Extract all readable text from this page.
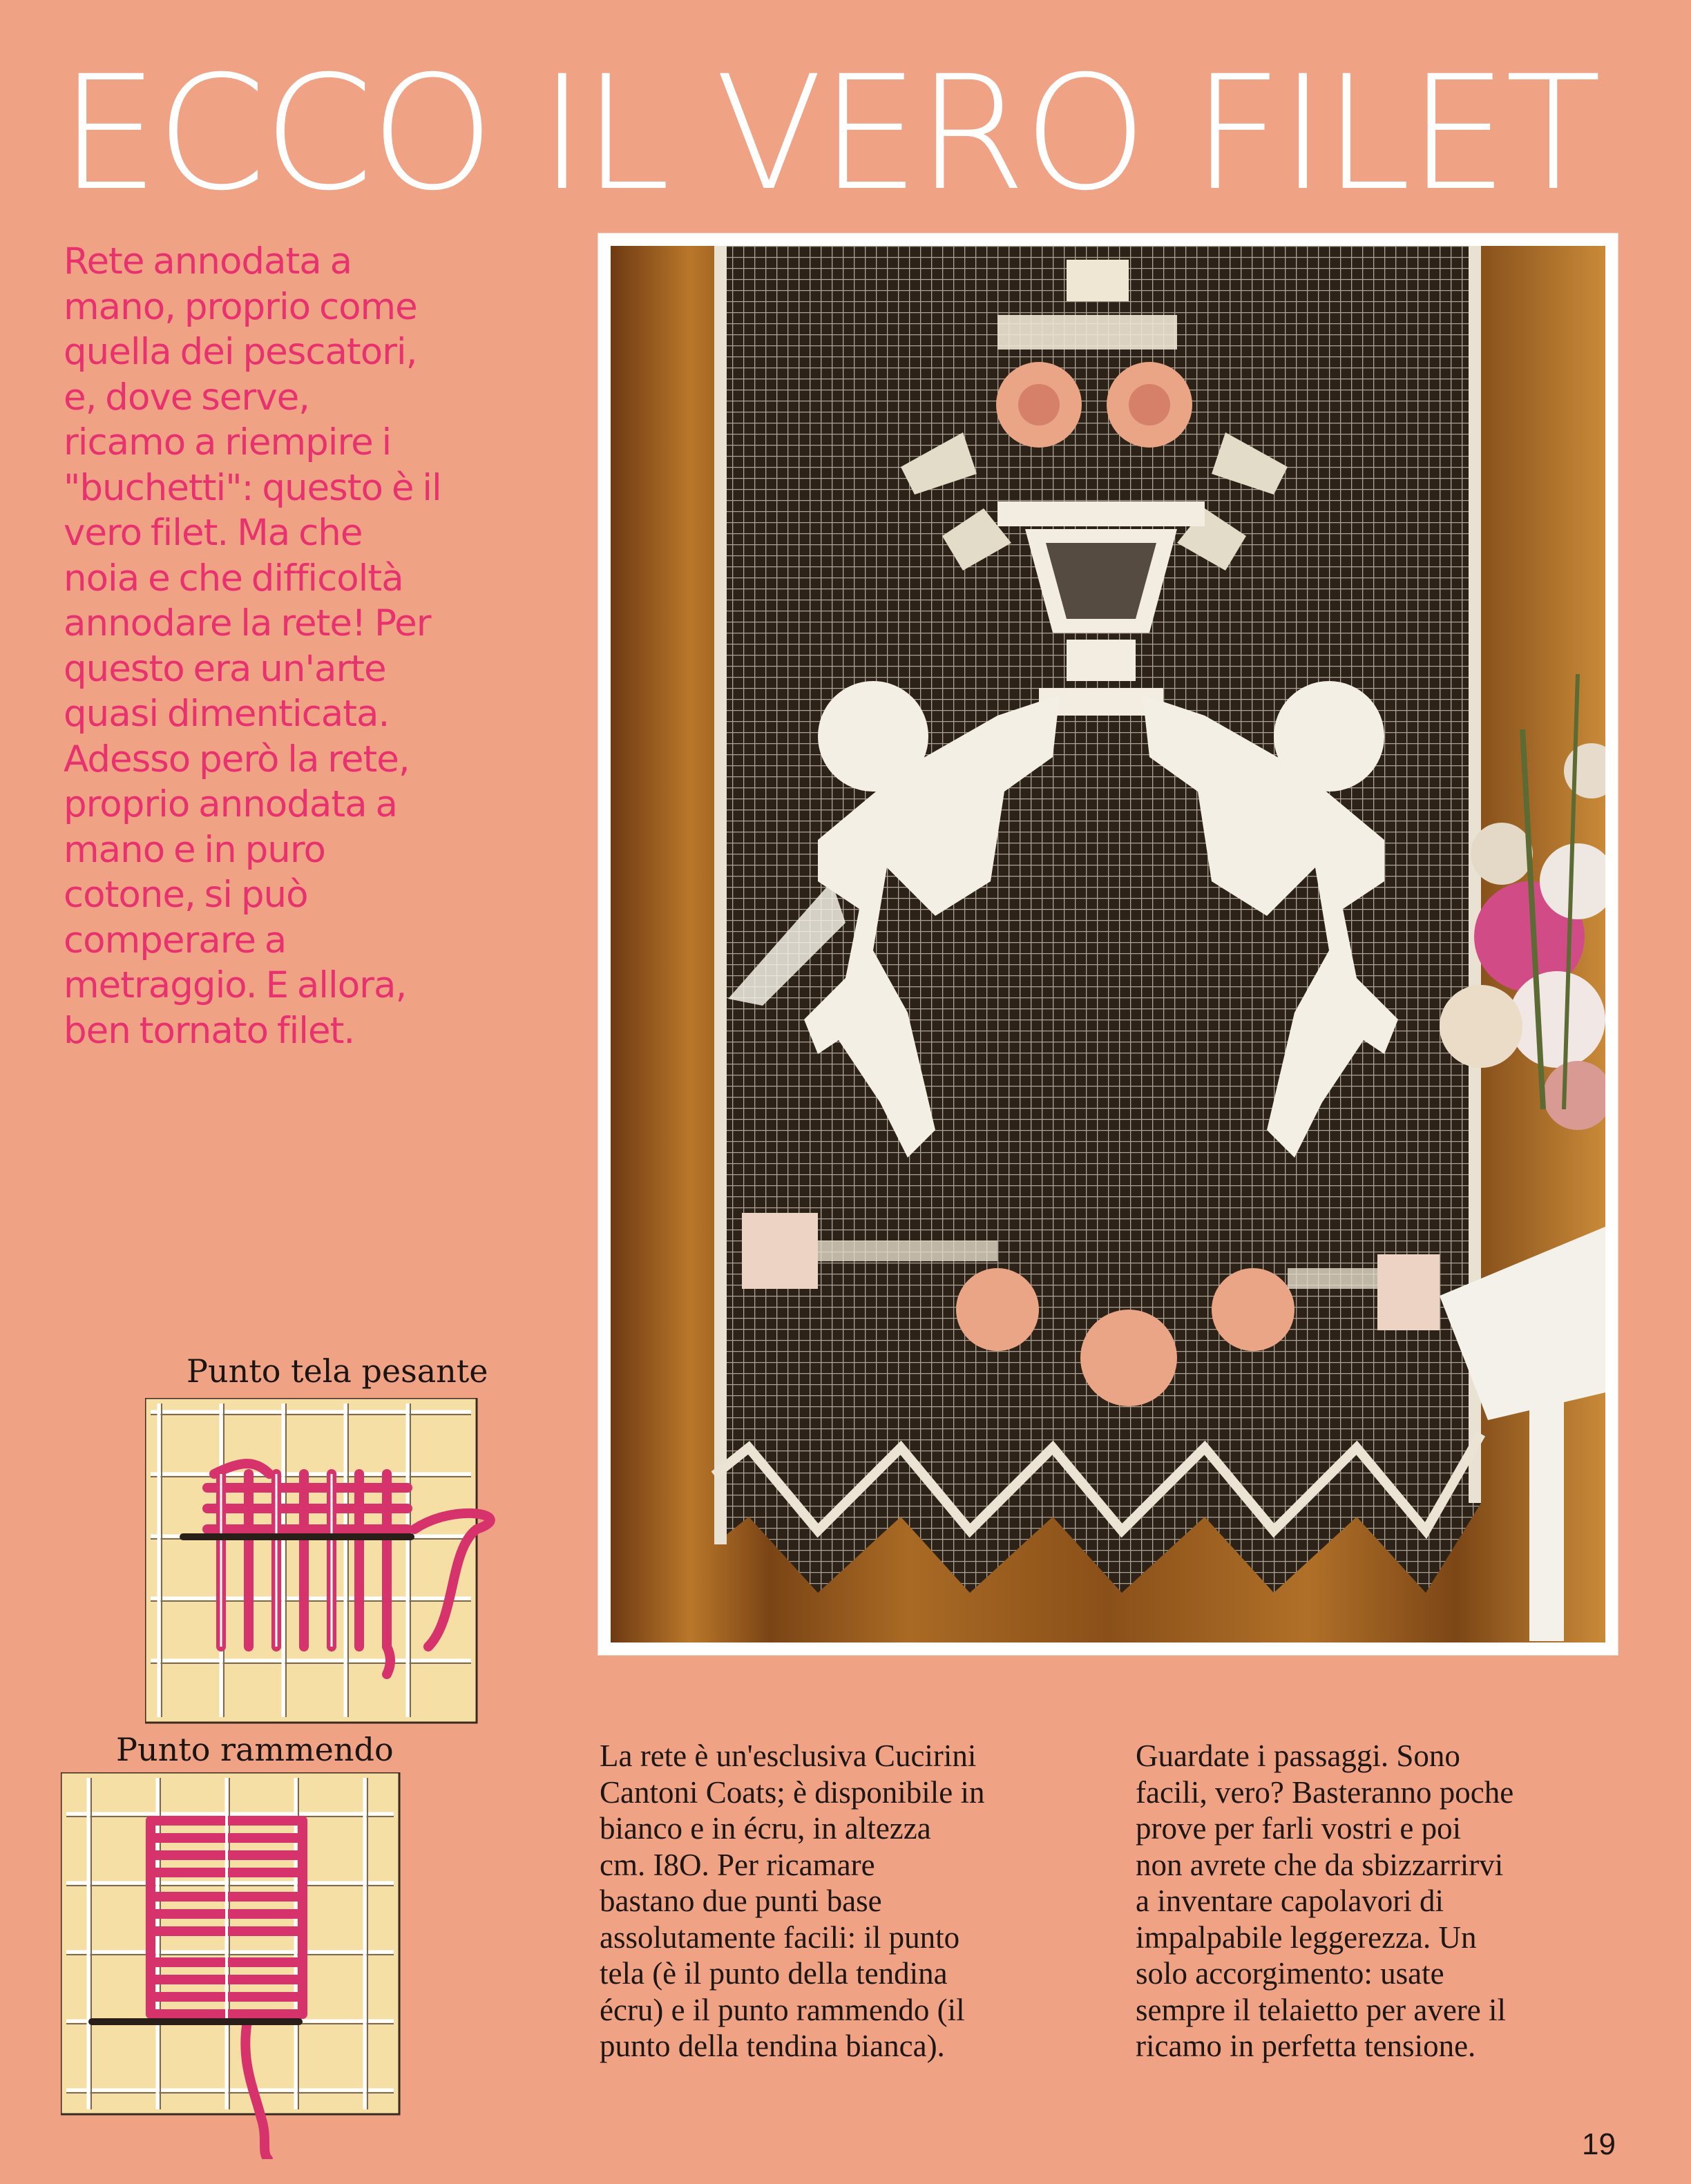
ECCO IL VERO FILET
Rete annodata a
mano, proprio come
quella dei pescatori,
e, dove serve,
ricamo a riempire i
"buchetti": questo è il
vero filet. Ma che
noia e che difficoltà
annodare la rete! Per
questo era un'arte
quasi dimenticata.
Adesso però la rete,
proprio annodata a
mano e in puro
cotone, si può
comperare a
metraggio. E allora,
ben tornato filet.
Punto tela pesante
Punto rammendo	La rete è un'esclusiva Cucirini
Cantoni Coats; è disponibile in
bianco e in écru, in altezza
cm. I8O. Per ricamare
bastano due punti base
assolutamente facili: il punto
tela (è il punto della tendina
écru) e il punto rammendo (il
punto della tendina bianca).
Guardate i passaggi. Sono
facili, vero? Basteranno poche
prove per farli vostri e poi
non avrete che da sbizzarrirvi
a inventare capolavori di
impalpabile leggerezza. Un
solo accorgimento: usate
sempre il telaietto per avere il
ricamo in perfetta tensione.
19
